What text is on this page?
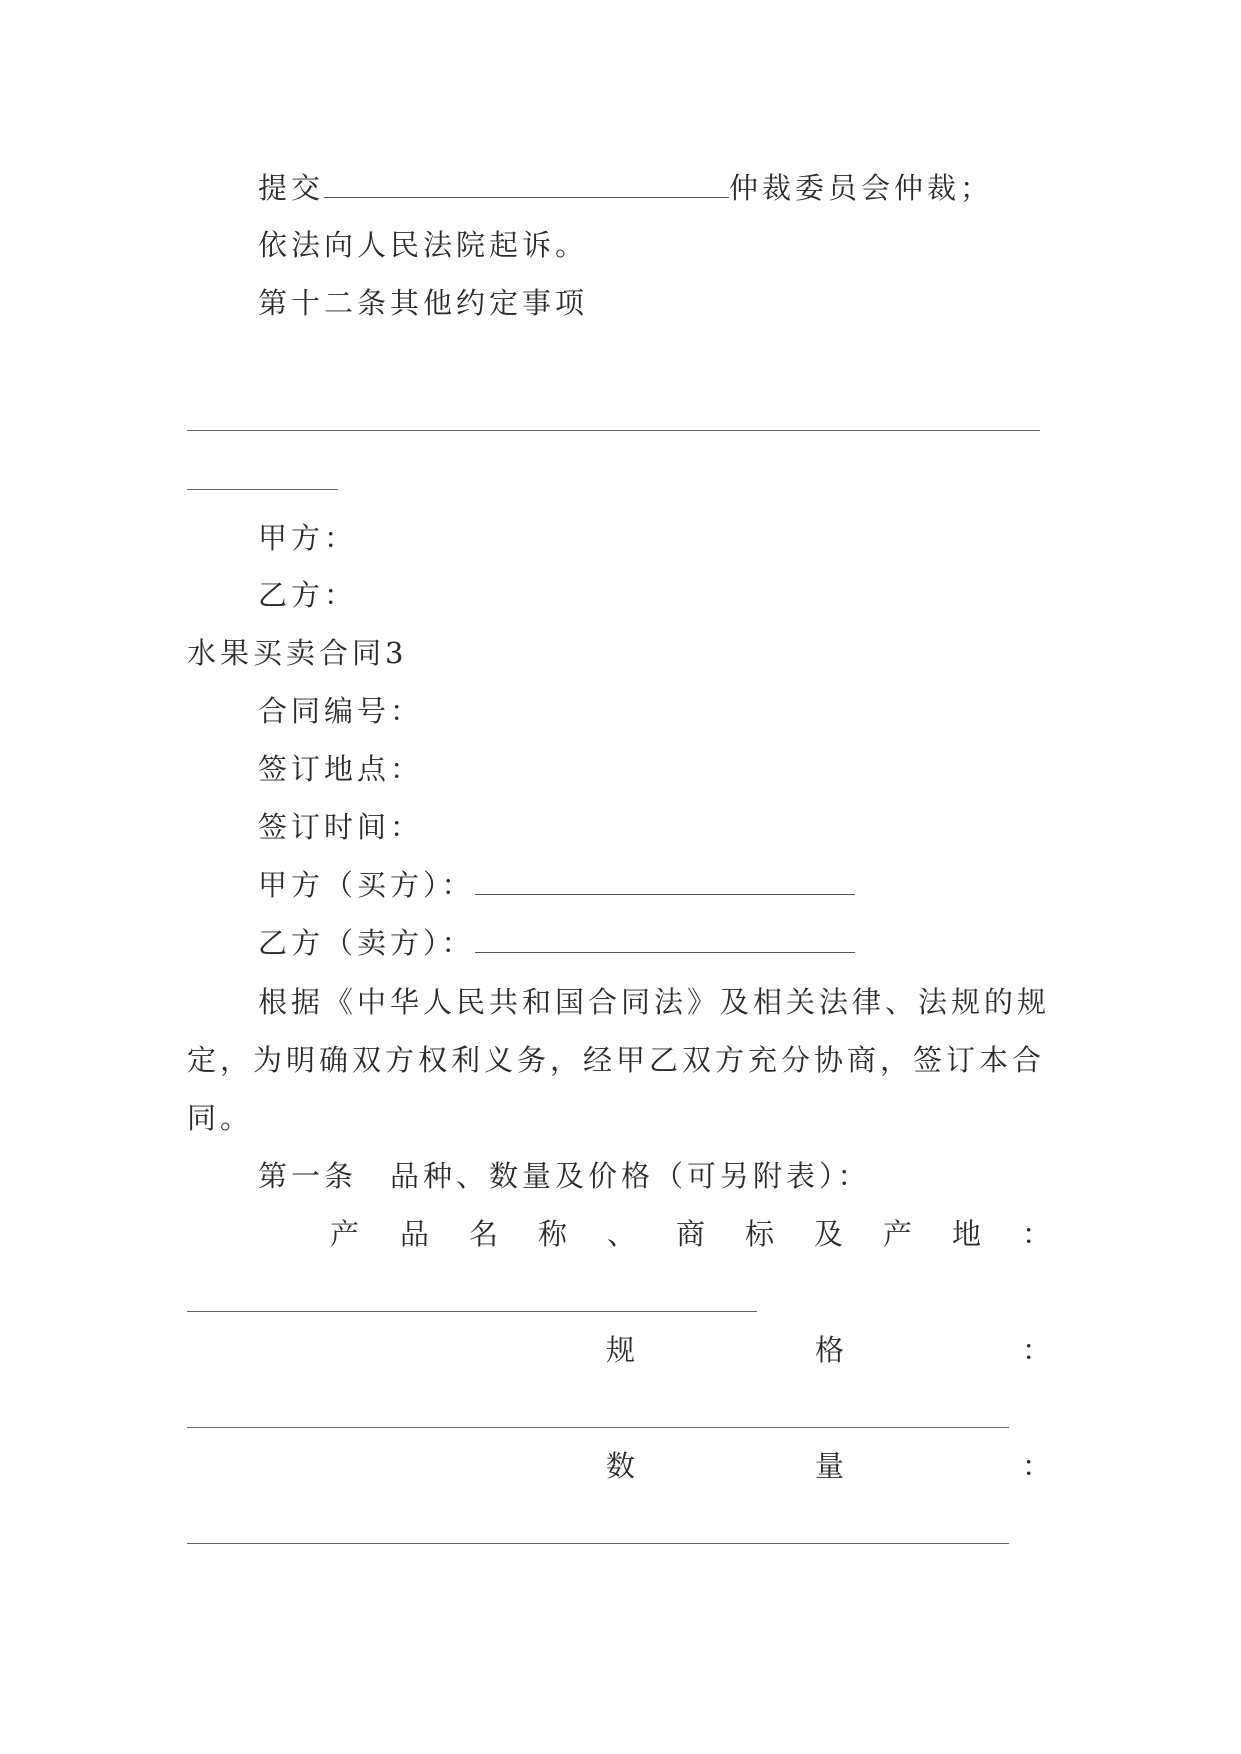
提交	仲裁委员会仲裁；
依法向人民法院起诉。
第十二条其他约定事项
甲方：
乙方：
水果买卖合同3
合同编号：
签订地点：
签订时间：
甲方（买方）：
乙方（卖方）：
根据《中华人民共和国合同法》及相关法律、法规的规
定，为明确双方权利义务，经甲乙双方充分协商，签订本合
同。
第一条　品种、数量及价格（可另附表）：
产 品 名 称 、 商 标 及 产 地 ：
规	格	：
数	量	：
